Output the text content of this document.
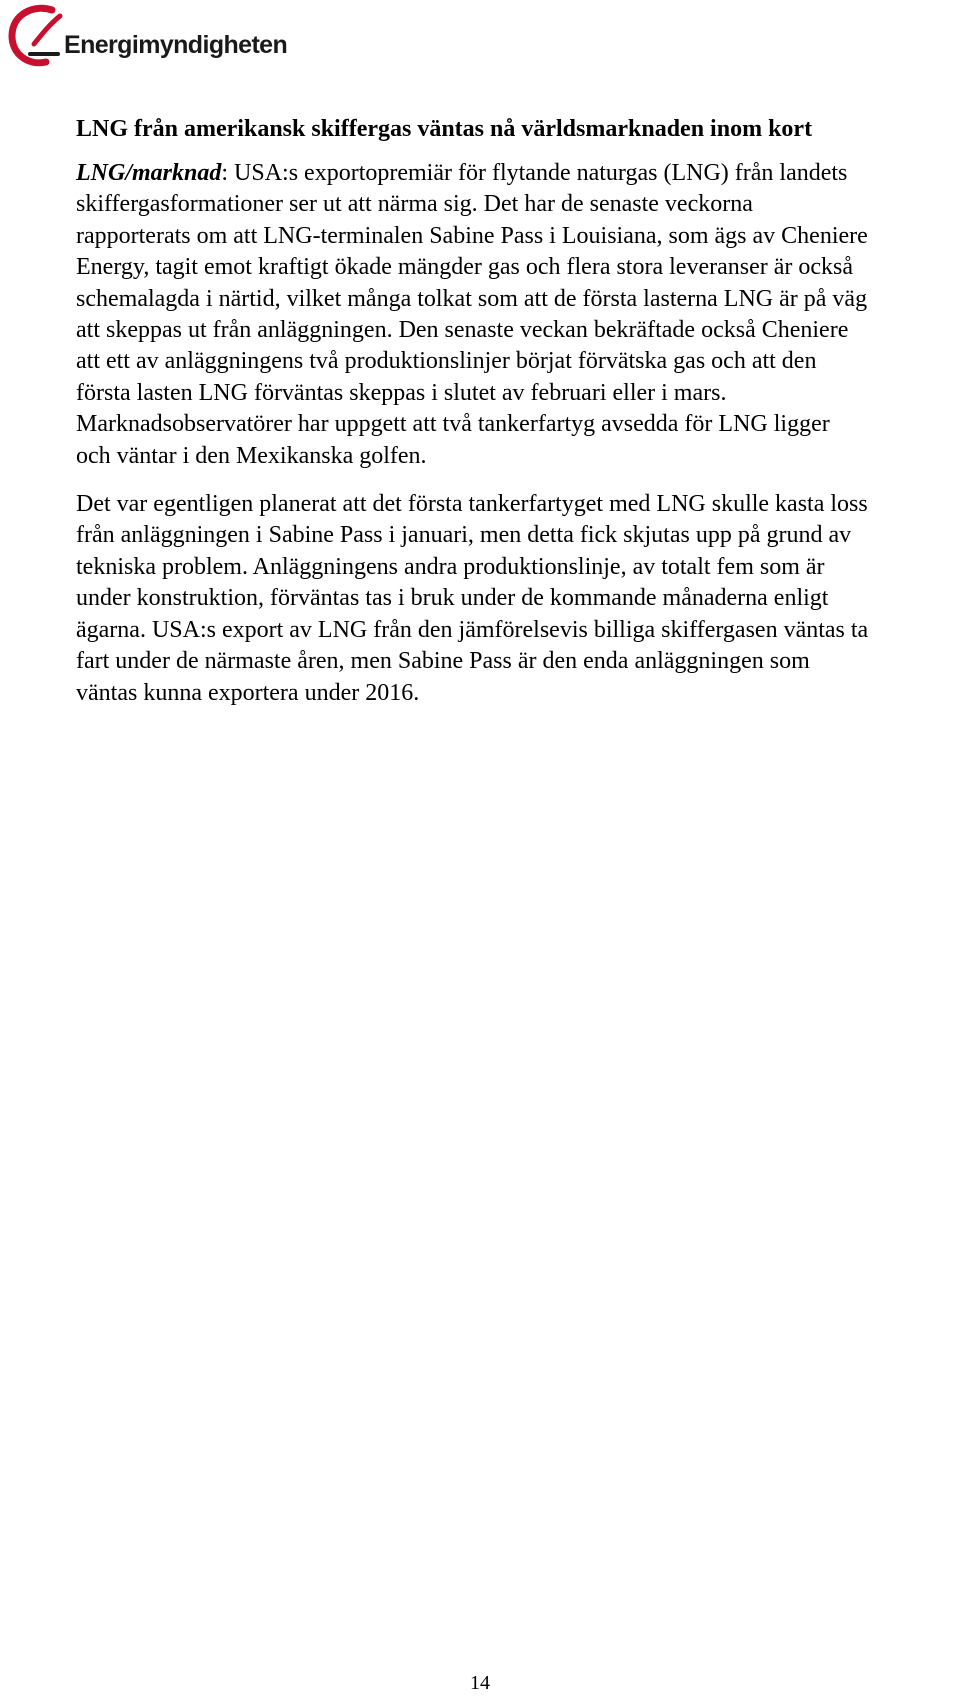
Energimyndigheten
LNG från amerikansk skiffergas väntas nå världsmarknaden inom kort

LNG/marknad: USA:s exportopremiär för flytande naturgas (LNG) från landets
skiffergasformationer ser ut att närma sig. Det har de senaste veckorna
rapporterats om att LNG-terminalen Sabine Pass i Louisiana, som ägs av Cheniere
Energy, tagit emot kraftigt ökade mängder gas och flera stora leveranser är också
schemalagda i närtid, vilket många tolkat som att de första lasterna LNG är på väg
att skeppas ut från anläggningen. Den senaste veckan bekräftade också Cheniere
att ett av anläggningens två produktionslinjer börjat förvätska gas och att den
första lasten LNG förväntas skeppas i slutet av februari eller i mars.
Marknadsobservatörer har uppgett att två tankerfartyg avsedda för LNG ligger
och väntar i den Mexikanska golfen.

Det var egentligen planerat att det första tankerfartyget med LNG skulle kasta loss
från anläggningen i Sabine Pass i januari, men detta fick skjutas upp på grund av
tekniska problem. Anläggningens andra produktionslinje, av totalt fem som är
under konstruktion, förväntas tas i bruk under de kommande månaderna enligt
ägarna. USA:s export av LNG från den jämförelsevis billiga skiffergasen väntas ta
fart under de närmaste åren, men Sabine Pass är den enda anläggningen som
väntas kunna exportera under 2016.

14
